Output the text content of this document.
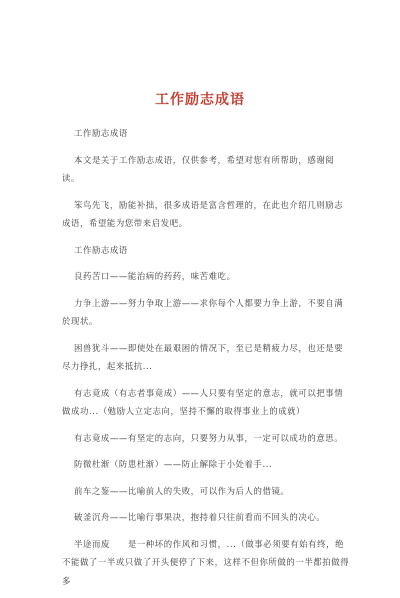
工作励志成语

工作励志成语

本文是关于工作励志成语，仅供参考，希望对您有所帮助，感谢阅读。

笨鸟先飞，励能补拙，很多成语是富含哲理的，在此也介绍几则励志成语，希望能为您带来启发吧。

工作励志成语

良药苦口——能治病的药药，味苦难吃。

力争上游——努力争取上游——求你每个人都要力争上游，不要自满於现状。

困兽犹斗——即使处在最艰困的情况下，至已是精疲力尽，也还是要尽力挣扎，起来抵抗...

有志竟成（有志者事竟成）——人只要有坚定的意志，就可以把事情做成功...（勉励人立定志向，坚持不懈的取得事业上的成就）

有志竟成——有坚定的志向，只要努力从事，一定可以成功的意思。

防微杜渐（防患杜渐）——防止解除于小处着手...

前车之鉴——比喻前人的失败，可以作为后人的借镜。

破釜沉舟——比喻行事果决，抱持着只往前看而不回头的决心。

半途而废　　是一种坏的作风和习惯，...（做事必须要有始有终，绝不能做了一半或只做了开头便停了下来，这样不但你所做的一半都拍做得多
